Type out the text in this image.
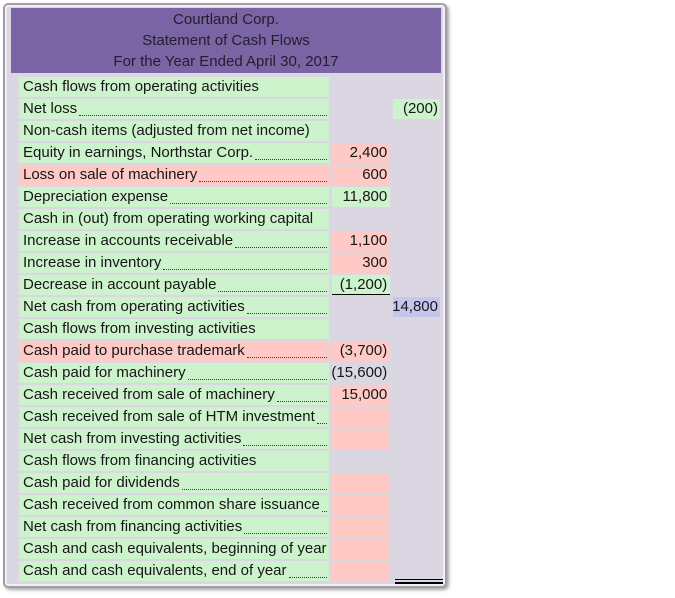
Courtland Corp.
Statement of Cash Flows
For the Year Ended April 30, 2017
Cash flows from operating activities
Net loss	(200)
Non-cash items (adjusted from net income)
Equity in earnings, Northstar Corp.	2,400
Loss on sale of machinery	600
Depreciation expense	11,800
Cash in (out) from operating working capital
Increase in accounts receivable	1,100
Increase in inventory	300
Decrease in account payable	(1,200)
Net cash from operating activities	14,800
Cash flows from investing activities
Cash paid to purchase trademark	(3,700)
Cash paid for machinery	(15,600)
Cash received from sale of machinery	15,000
Cash received from sale of HTM investment
Net cash from investing activities
Cash flows from financing activities
Cash paid for dividends
Cash received from common share issuance
Net cash from financing activities
Cash and cash equivalents, beginning of year
Cash and cash equivalents, end of year
